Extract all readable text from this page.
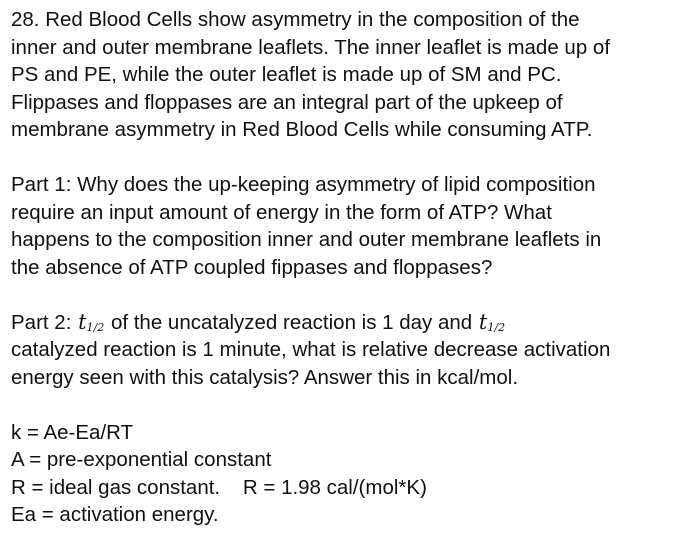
28. Red Blood Cells show asymmetry in the composition of the
inner and outer membrane leaflets. The inner leaflet is made up of
PS and PE, while the outer leaflet is made up of SM and PC.
Flippases and floppases are an integral part of the upkeep of
membrane asymmetry in Red Blood Cells while consuming ATP.
Part 1: Why does the up-keeping asymmetry of lipid composition
require an input amount of energy in the form of ATP? What
happens to the composition inner and outer membrane leaflets in
the absence of ATP coupled fippases and floppases?
Part 2: $t_{1/2}$ of the uncatalyzed reaction is 1 day and $t_{1/2}$
catalyzed reaction is 1 minute, what is relative decrease activation
energy seen with this catalysis? Answer this in kcal/mol.
k = Ae-Ea/RT
A = pre-exponential constant
R = ideal gas constant.    R = 1.98 cal/(mol*K)
Ea = activation energy.
